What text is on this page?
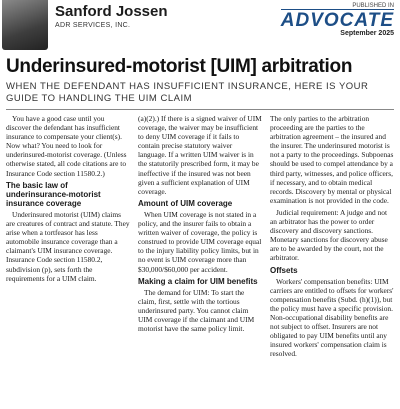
Sanford Jossen
ADR SERVICES, INC.
PUBLISHED IN
ADVOCATE
September 2025
Underinsured-motorist [UIM] arbitration
WHEN THE DEFENDANT HAS INSUFFICIENT INSURANCE, HERE IS YOUR GUIDE TO HANDLING THE UIM CLAIM

You have a good case until you discover the defendant has insufficient insurance to compensate your client(s). Now what? You need to look for underinsured-motorist coverage. (Unless otherwise stated, all code citations are to Insurance Code section 11580.2.)

The basic law of underinsurance-motorist insurance coverage

Underinsured motorist (UIM) claims are creatures of contract and statute. They arise when a tortfeasor has less automobile insurance coverage than a claimant's UIM insurance coverage. Insurance Code section 11580.2, subdivision (p), sets forth the requirements for a UIM claim.

(a)(2).) If there is a signed waiver of UIM coverage, the waiver may be insufficient to deny UIM coverage if it fails to contain precise statutory waiver language. If a written UIM waiver is in the statutorily prescribed form, it may be ineffective if the insured was not been given a sufficient explanation of UIM coverage.

Amount of UIM coverage

When UIM coverage is not stated in a policy, and the insurer fails to obtain a written waiver of coverage, the policy is construed to provide UIM coverage equal to the injury liability policy limits, but in no event is UIM coverage more than $30,000/$60,000 per accident.

Making a claim for UIM benefits

The demand for UIM: To start the claim, first, settle with the tortious underinsured party. You cannot claim UIM coverage if the claimant and UIM motorist have the same policy limit.

The only parties to the arbitration proceeding are the parties to the arbitration agreement – the insured and the insurer. The underinsured motorist is not a party to the proceedings. Subpoenas should be used to compel attendance by a third party, witnesses, and police officers, if necessary, and to obtain medical records. Discovery by mental or physical examination is not provided in the code.

Judicial requirement: A judge and not an arbitrator has the power to order discovery and discovery sanctions. Monetary sanctions for discovery abuse are to be awarded by the court, not the arbitrator.

Offsets

Workers' compensation benefits: UIM carriers are entitled to offsets for workers' compensation benefits (Subd. (h)(1)), but the policy must have a specific provision. Non-occupational disability benefits are not subject to offset. Insurers are not obligated to pay UIM benefits until any insured workers' compensation claim is resolved.
